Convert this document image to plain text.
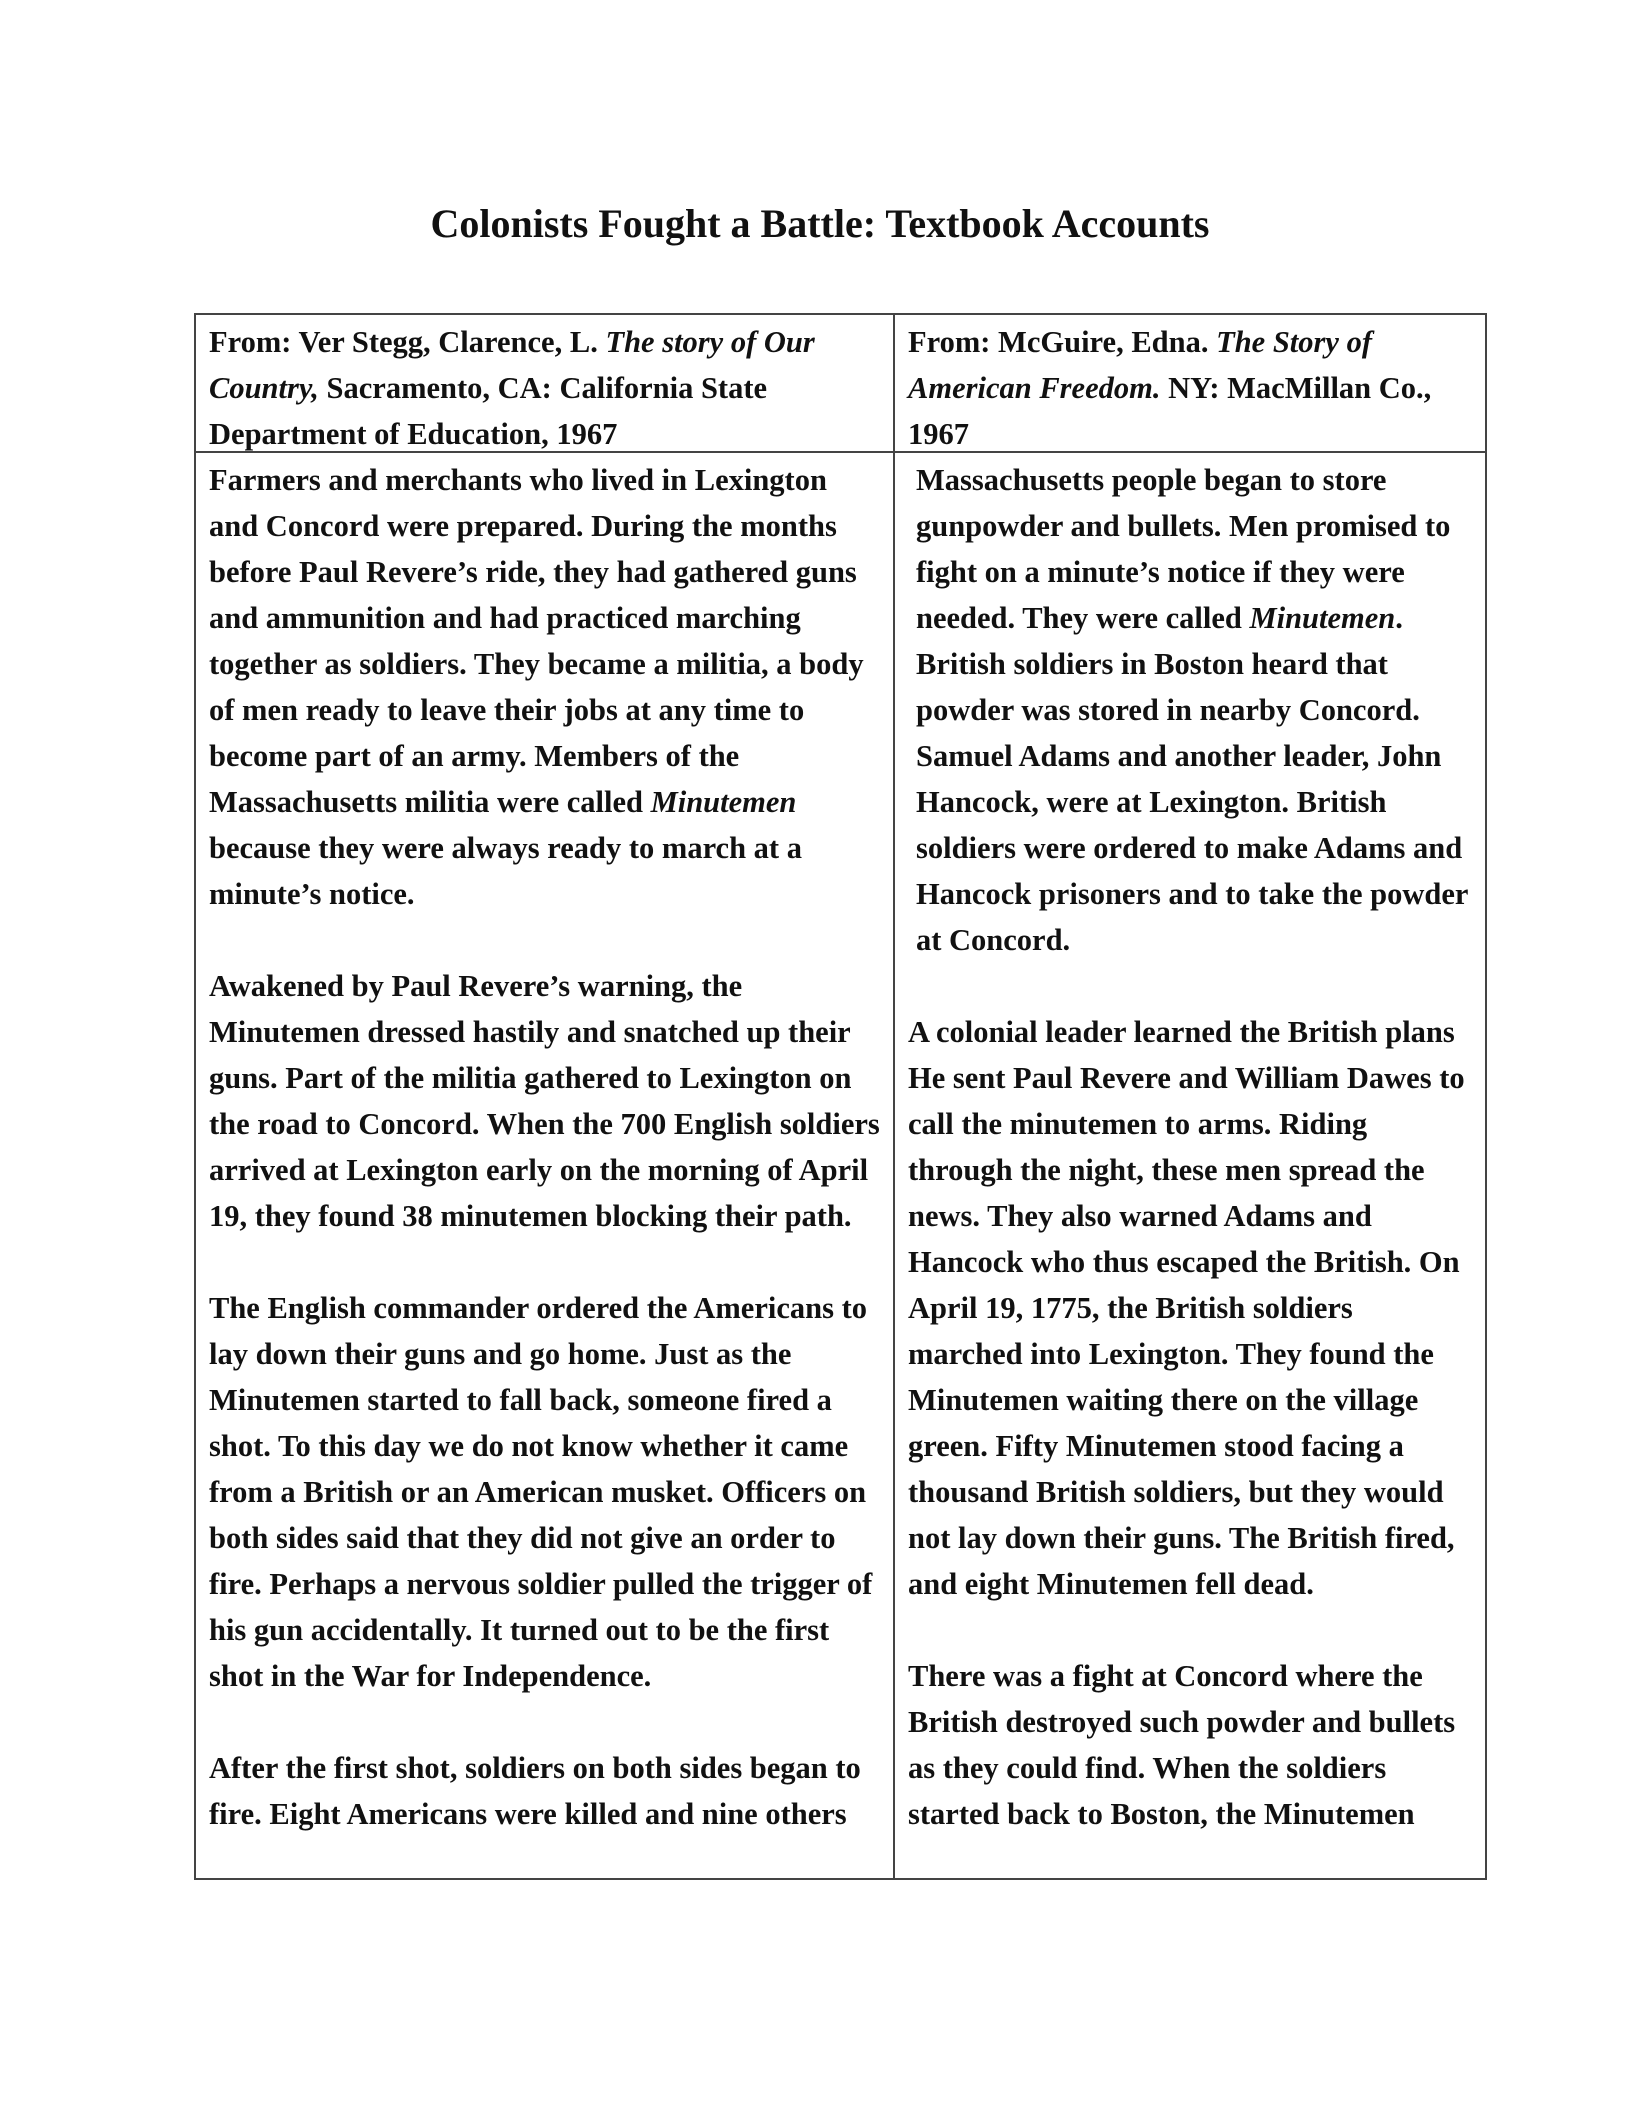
Colonists Fought a Battle: Textbook Accounts

From: Ver Stegg, Clarence, L. The story of Our Country, Sacramento, CA: California State Department of Education, 1967

From: McGuire, Edna. The Story of American Freedom. NY: MacMillan Co., 1967

Farmers and merchants who lived in Lexington and Concord were prepared. During the months before Paul Revere’s ride, they had gathered guns and ammunition and had practiced marching together as soldiers. They became a militia, a body of men ready to leave their jobs at any time to become part of an army. Members of the Massachusetts militia were called Minutemen because they were always ready to march at a minute’s notice.

Awakened by Paul Revere’s warning, the Minutemen dressed hastily and snatched up their guns. Part of the militia gathered to Lexington on the road to Concord. When the 700 English soldiers arrived at Lexington early on the morning of April 19, they found 38 minutemen blocking their path.

The English commander ordered the Americans to lay down their guns and go home. Just as the Minutemen started to fall back, someone fired a shot. To this day we do not know whether it came from a British or an American musket. Officers on both sides said that they did not give an order to fire. Perhaps a nervous soldier pulled the trigger of his gun accidentally. It turned out to be the first shot in the War for Independence.

After the first shot, soldiers on both sides began to fire. Eight Americans were killed and nine others

Massachusetts people began to store gunpowder and bullets. Men promised to fight on a minute’s notice if they were needed. They were called Minutemen. British soldiers in Boston heard that powder was stored in nearby Concord. Samuel Adams and another leader, John Hancock, were at Lexington. British soldiers were ordered to make Adams and Hancock prisoners and to take the powder at Concord.

A colonial leader learned the British plans He sent Paul Revere and William Dawes to call the minutemen to arms. Riding through the night, these men spread the news. They also warned Adams and Hancock who thus escaped the British. On April 19, 1775, the British soldiers marched into Lexington. They found the Minutemen waiting there on the village green. Fifty Minutemen stood facing a thousand British soldiers, but they would not lay down their guns. The British fired, and eight Minutemen fell dead.

There was a fight at Concord where the British destroyed such powder and bullets as they could find. When the soldiers started back to Boston, the Minutemen
